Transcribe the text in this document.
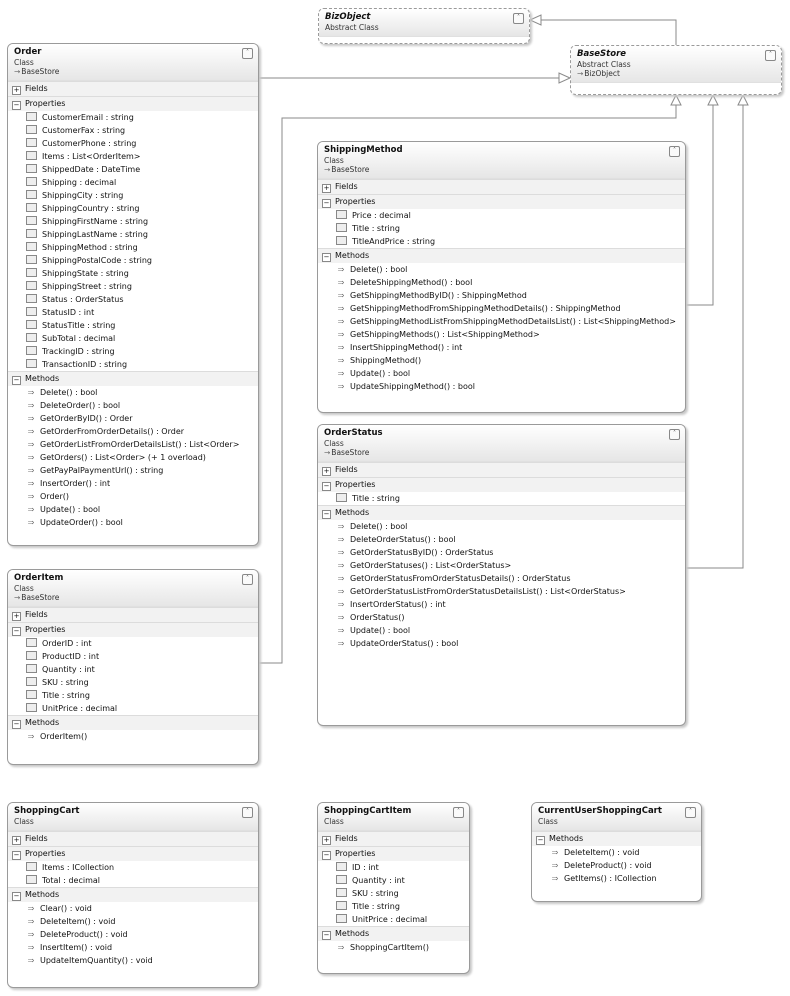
BizObject
Abstract Class
˄
BaseStore
Abstract Class
→ BizObject
˄
Order
Class
→ BaseStore
˄
+ Fields
− Properties
CustomerEmail : string
CustomerFax : string
CustomerPhone : string
Items : List<OrderItem>
ShippedDate : DateTime
Shipping : decimal
ShippingCity : string
ShippingCountry : string
ShippingFirstName : string
ShippingLastName : string
ShippingMethod : string
ShippingPostalCode : string
ShippingState : string
ShippingStreet : string
Status : OrderStatus
StatusID : int
StatusTitle : string
SubTotal : decimal
TrackingID : string
TransactionID : string
− Methods
⇒ Delete() : bool
⇒ DeleteOrder() : bool
⇒ GetOrderByID() : Order
⇒ GetOrderFromOrderDetails() : Order
⇒ GetOrderListFromOrderDetailsList() : List<Order>
⇒ GetOrders() : List<Order> (+ 1 overload)
⇒ GetPayPalPaymentUrl() : string
⇒ InsertOrder() : int
⇒ Order()
⇒ Update() : bool
⇒ UpdateOrder() : bool
ShippingMethod
Class
→ BaseStore
˄
+ Fields
− Properties
Price : decimal
Title : string
TitleAndPrice : string
− Methods
⇒ Delete() : bool
⇒ DeleteShippingMethod() : bool
⇒ GetShippingMethodByID() : ShippingMethod
⇒ GetShippingMethodFromShippingMethodDetails() : ShippingMethod
⇒ GetShippingMethodListFromShippingMethodDetailsList() : List<ShippingMethod>
⇒ GetShippingMethods() : List<ShippingMethod>
⇒ InsertShippingMethod() : int
⇒ ShippingMethod()
⇒ Update() : bool
⇒ UpdateShippingMethod() : bool
OrderStatus
Class
→ BaseStore
˄
+ Fields
− Properties
Title : string
− Methods
⇒ Delete() : bool
⇒ DeleteOrderStatus() : bool
⇒ GetOrderStatusByID() : OrderStatus
⇒ GetOrderStatuses() : List<OrderStatus>
⇒ GetOrderStatusFromOrderStatusDetails() : OrderStatus
⇒ GetOrderStatusListFromOrderStatusDetailsList() : List<OrderStatus>
⇒ InsertOrderStatus() : int
⇒ OrderStatus()
⇒ Update() : bool
⇒ UpdateOrderStatus() : bool
OrderItem
Class
→ BaseStore
˄
+ Fields
− Properties
OrderID : int
ProductID : int
Quantity : int
SKU : string
Title : string
UnitPrice : decimal
− Methods
⇒ OrderItem()
ShoppingCart
Class
˄
+ Fields
− Properties
Items : ICollection
Total : decimal
− Methods
⇒ Clear() : void
⇒ DeleteItem() : void
⇒ DeleteProduct() : void
⇒ InsertItem() : void
⇒ UpdateItemQuantity() : void
ShoppingCartItem
Class
˄
+ Fields
− Properties
ID : int
Quantity : int
SKU : string
Title : string
UnitPrice : decimal
− Methods
⇒ ShoppingCartItem()
CurrentUserShoppingCart
Class
˄
− Methods
⇒ DeleteItem() : void
⇒ DeleteProduct() : void
⇒ GetItems() : ICollection
